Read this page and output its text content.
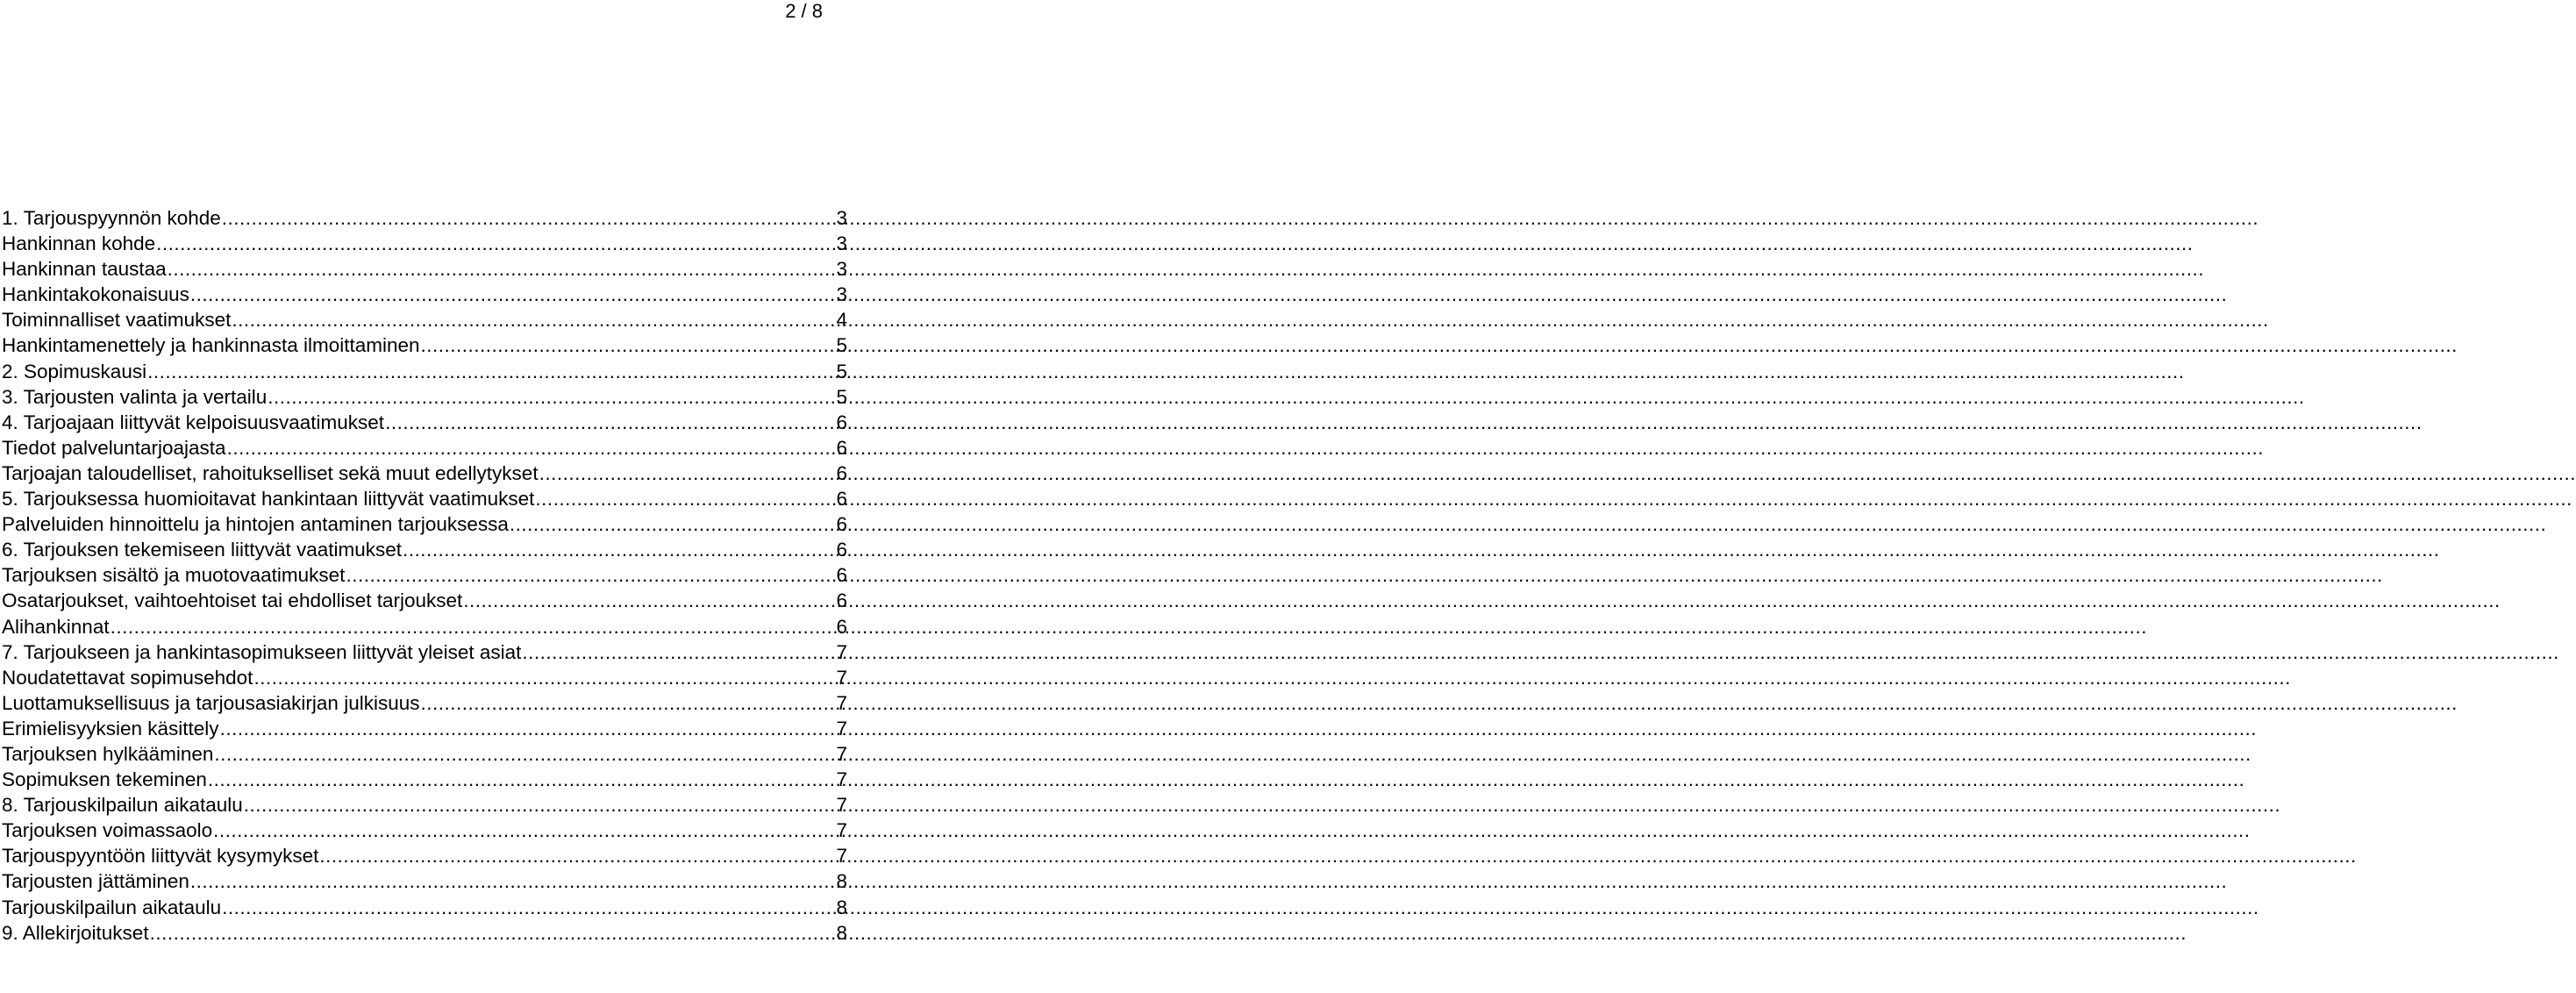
2 / 8
1. Tarjouspyynnön kohde .....	3
Hankinnan kohde .....	3
Hankinnan taustaa .....	3
Hankintakokonaisuus .....	3
Toiminnalliset vaatimukset .....	4
Hankintamenettely ja hankinnasta ilmoittaminen .....	5
2. Sopimuskausi .....	5
3. Tarjousten valinta ja vertailu .....	5
4. Tarjoajaan liittyvät kelpoisuusvaatimukset .....	6
Tiedot palveluntarjoajasta .....	6
Tarjoajan taloudelliset, rahoitukselliset sekä muut edellytykset .....	6
5. Tarjouksessa huomioitavat hankintaan liittyvät vaatimukset .....	6
Palveluiden hinnoittelu ja hintojen antaminen tarjouksessa .....	6
6. Tarjouksen tekemiseen liittyvät vaatimukset .....	6
Tarjouksen sisältö ja muotovaatimukset .....	6
Osatarjoukset, vaihtoehtoiset tai ehdolliset tarjoukset .....	6
Alihankinnat .....	6
7. Tarjoukseen ja hankintasopimukseen liittyvät yleiset asiat .....	7
Noudatettavat sopimusehdot .....	7
Luottamuksellisuus ja tarjousasiakirjan julkisuus .....	7
Erimielisyyksien käsittely .....	7
Tarjouksen hylkääminen .....	7
Sopimuksen tekeminen .....	7
8. Tarjouskilpailun aikataulu .....	7
Tarjouksen voimassaolo .....	7
Tarjouspyyntöön liittyvät kysymykset .....	7
Tarjousten jättäminen .....	8
Tarjouskilpailun aikataulu .....	8
9. Allekirjoitukset .....	8
